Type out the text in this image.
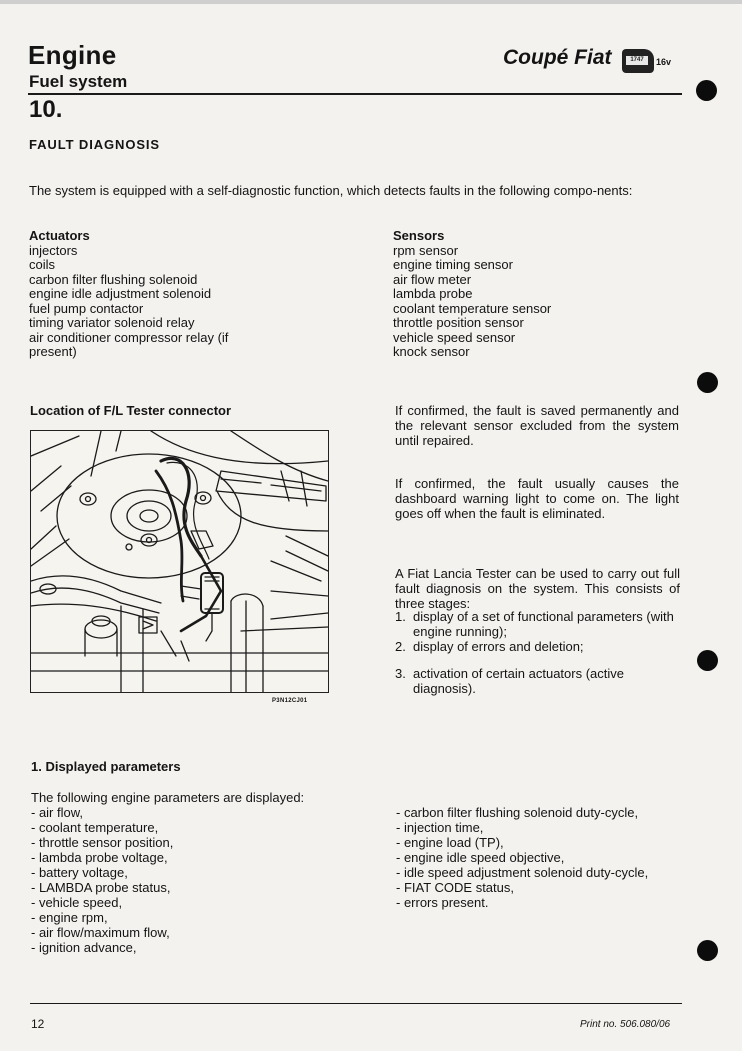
Engine
Fuel system
Coupé Fiat	1747	16v
10.
FAULT DIAGNOSIS
The system is equipped with a self-diagnostic function, which detects faults in the following compo-nents:
Actuators
injectors
coils
carbon filter flushing solenoid
engine idle adjustment solenoid
fuel pump contactor
timing variator solenoid relay
air conditioner compressor relay (if
present)
Sensors
rpm sensor
engine timing sensor
air flow meter
lambda probe
coolant temperature sensor
throttle position sensor
vehicle speed sensor
knock sensor
Location of F/L Tester connector
P3N12CJ01
If confirmed, the fault is saved permanently and the relevant sensor excluded from the system until repaired.
If confirmed, the fault usually causes the dashboard warning light to come on. The light goes off when the fault is eliminated.
A Fiat Lancia Tester can be used to carry out full fault diagnosis on the system. This consists of three stages:
1. display of a set of functional parameters (with engine running);
2. display of errors and deletion;
3. activation of certain actuators (active diagnosis).
1. Displayed parameters
The following engine parameters are displayed:
- air flow,
- coolant temperature,
- throttle sensor position,
- lambda probe voltage,
- battery voltage,
- LAMBDA probe status,
- vehicle speed,
- engine rpm,
- air flow/maximum flow,
- ignition advance,
- carbon filter flushing solenoid duty-cycle,
- injection time,
- engine load (TP),
- engine idle speed objective,
- idle speed adjustment solenoid duty-cycle,
- FIAT CODE status,
- errors present.
12	Print no. 506.080/06
